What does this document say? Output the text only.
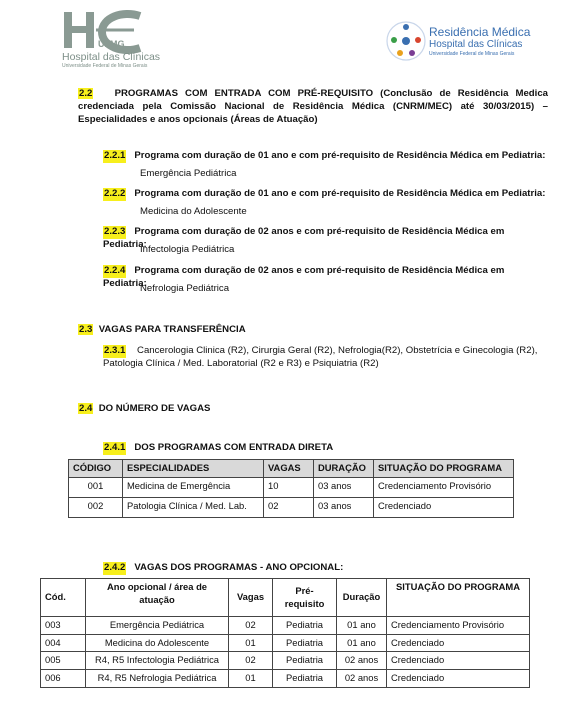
UFMG
Hospital das Clínicas
Universidade Federal de Minas Gerais
Residência Médica
Hospital das Clínicas
Universidade Federal de Minas Gerais
2.2 PROGRAMAS COM ENTRADA COM PRÉ-REQUISITO (Conclusão de Residência Medica credenciada pela Comissão Nacional de Residência Médica (CNRM/MEC) até 30/03/2015) – Especialidades e anos opcionais (Áreas de Atuação)
2.2.1 Programa com duração de 01 ano e com pré-requisito de Residência Médica em Pediatria:
Emergência Pediátrica
2.2.2 Programa com duração de 01 ano e com pré-requisito de Residência Médica em Pediatria:
Medicina do Adolescente
2.2.3 Programa com duração de 02 anos e com pré-requisito de Residência Médica em Pediatria:
Infectologia Pediátrica
2.2.4 Programa com duração de 02 anos e com pré-requisito de Residência Médica em Pediatria:
Nefrologia Pediátrica
2.3 VAGAS PARA TRANSFERÊNCIA
2.3.1 Cancerologia Clinica (R2), Cirurgia Geral (R2), Nefrologia(R2), Obstetrícia e Ginecologia (R2), Patologia Clínica / Med. Laboratorial (R2 e R3) e Psiquiatria (R2)
2.4 DO NÚMERO DE VAGAS
2.4.1 DOS PROGRAMAS COM ENTRADA DIRETA
CÓDIGO	ESPECIALIDADES	VAGAS	DURAÇÃO	SITUAÇÃO DO PROGRAMA
001	Medicina de Emergência	10	03 anos	Credenciamento Provisório
002	Patologia Clínica / Med. Lab.	02	03 anos	Credenciado
2.4.2 VAGAS DOS PROGRAMAS - ANO OPCIONAL:
Cód.	Ano opcional / área de atuação	Vagas	Pré-requisito	Duração	SITUAÇÃO DO PROGRAMA
003	Emergência Pediátrica	02	Pediatria	01 ano	Credenciamento Provisório
004	Medicina do Adolescente	01	Pediatria	01 ano	Credenciado
005	R4, R5 Infectologia Pediátrica	02	Pediatria	02 anos	Credenciado
006	R4, R5 Nefrologia Pediátrica	01	Pediatria	02 anos	Credenciado
